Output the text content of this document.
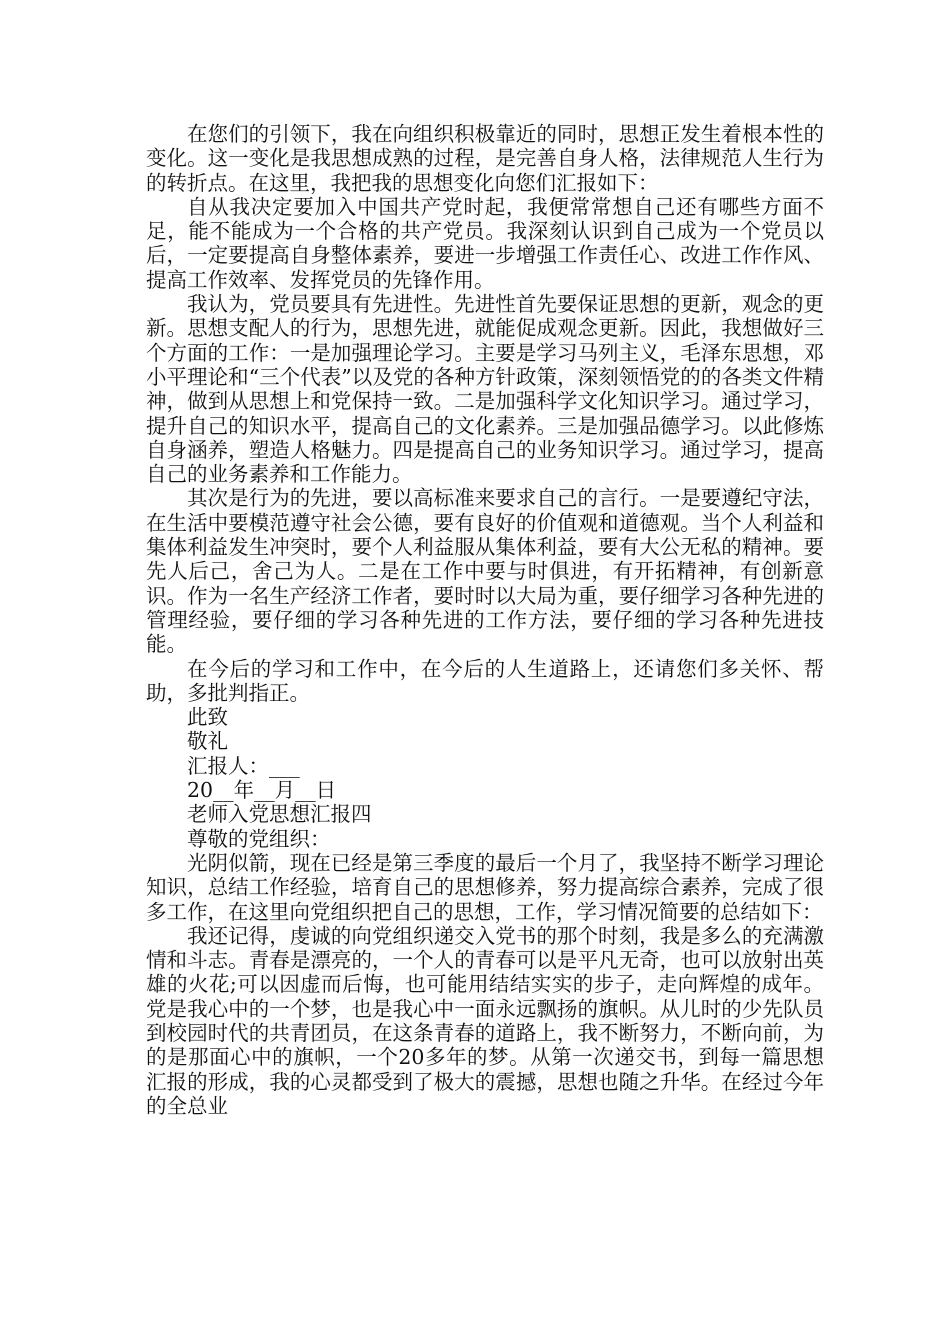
在您们的引领下，我在向组织积极靠近的同时，思想正发生着根本性的变化。这一变化是我思想成熟的过程，是完善自身人格，法律规范人生行为的转折点。在这里，我把我的思想变化向您们汇报如下：

自从我决定要加入中国共产党时起，我便常常想自己还有哪些方面不足，能不能成为一个合格的共产党员。我深刻认识到自己成为一个党员以后，一定要提高自身整体素养，要进一步增强工作责任心、改进工作作风、提高工作效率、发挥党员的先锋作用。

我认为，党员要具有先进性。先进性首先要保证思想的更新，观念的更新。思想支配人的行为，思想先进，就能促成观念更新。因此，我想做好三个方面的工作：一是加强理论学习。主要是学习马列主义，毛泽东思想，邓小平理论和“三个代表”以及党的各种方针政策，深刻领悟党的的各类文件精神，做到从思想上和党保持一致。二是加强科学文化知识学习。通过学习，提升自己的知识水平，提高自己的文化素养。三是加强品德学习。以此修炼自身涵养，塑造人格魅力。四是提高自己的业务知识学习。通过学习，提高自己的业务素养和工作能力。

其次是行为的先进，要以高标准来要求自己的言行。一是要遵纪守法，在生活中要模范遵守社会公德，要有良好的价值观和道德观。当个人利益和集体利益发生冲突时，要个人利益服从集体利益，要有大公无私的精神。要先人后己，舍己为人。二是在工作中要与时俱进，有开拓精神，有创新意识。作为一名生产经济工作者，要时时以大局为重，要仔细学习各种先进的管理经验，要仔细的学习各种先进的工作方法，要仔细的学习各种先进技能。

在今后的学习和工作中，在今后的人生道路上，还请您们多关怀、帮助，多批判指正。

此致

敬礼

汇报人：___

20__年__月__日

老师入党思想汇报四

尊敬的党组织：

光阴似箭，现在已经是第三季度的最后一个月了，我坚持不断学习理论知识，总结工作经验，培育自己的思想修养，努力提高综合素养，完成了很多工作，在这里向党组织把自己的思想，工作，学习情况简要的总结如下：

我还记得，虔诚的向党组织递交入党书的那个时刻，我是多么的充满激情和斗志。青春是漂亮的，一个人的青春可以是平凡无奇，也可以放射出英雄的火花;可以因虚而后悔，也可能用结结实实的步子，走向辉煌的成年。党是我心中的一个梦，也是我心中一面永远飘扬的旗帜。从儿时的少先队员到校园时代的共青团员，在这条青春的道路上，我不断努力，不断向前，为的是那面心中的旗帜，一个20多年的梦。从第一次递交书，到每一篇思想汇报的形成，我的心灵都受到了极大的震撼，思想也随之升华。在经过今年的全总业
